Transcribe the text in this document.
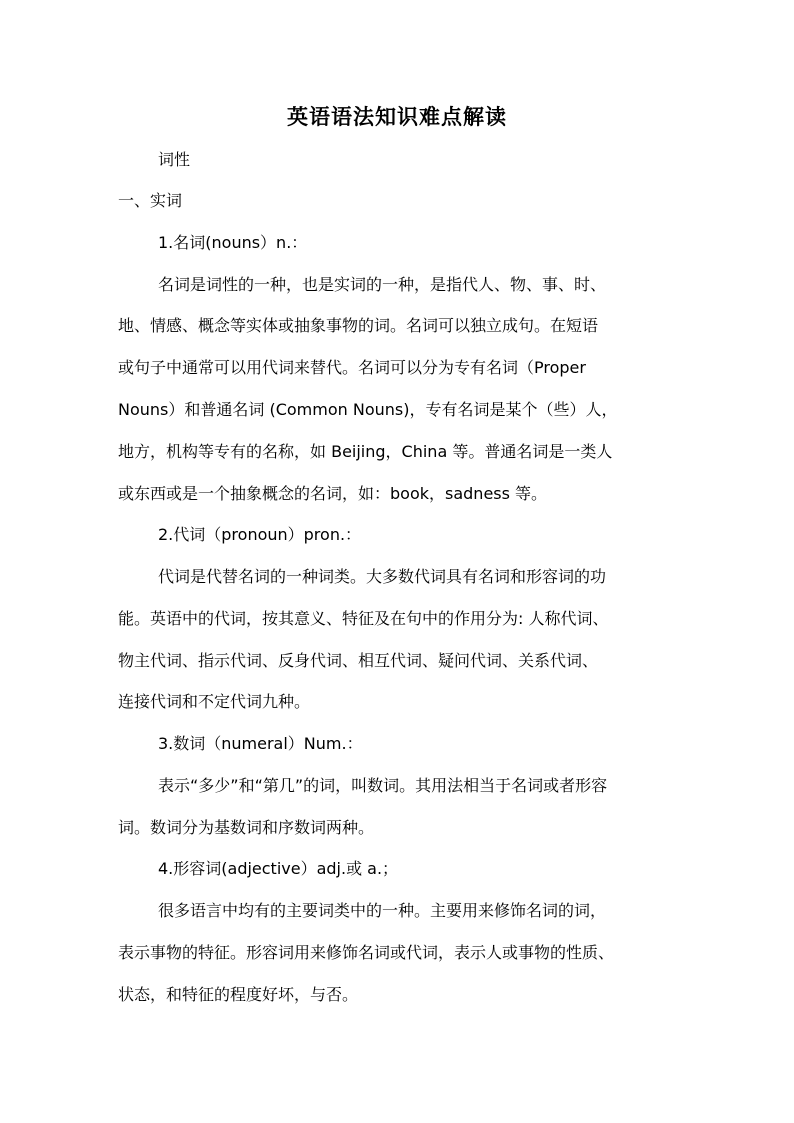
英语语法知识难点解读
词性
一、实词
1.名词(nouns）n.：
名词是词性的一种，也是实词的一种，是指代人、物、事、时、
地、情感、概念等实体或抽象事物的词。名词可以独立成句。在短语
或句子中通常可以用代词来替代。名词可以分为专有名词（Proper
Nouns）和普通名词 (Common Nouns)，专有名词是某个（些）人，
地方，机构等专有的名称，如 Beijing，China 等。普通名词是一类人
或东西或是一个抽象概念的名词，如：book，sadness 等。
2.代词（pronoun）pron.：
代词是代替名词的一种词类。大多数代词具有名词和形容词的功
能。英语中的代词，按其意义、特征及在句中的作用分为: 人称代词、
物主代词、指示代词、反身代词、相互代词、疑问代词、关系代词、
连接代词和不定代词九种。
3.数词（numeral）Num.：
表示“多少”和“第几”的词，叫数词。其用法相当于名词或者形容
词。数词分为基数词和序数词两种。
4.形容词(adjective）adj.或 a.；
很多语言中均有的主要词类中的一种。主要用来修饰名词的词，
表示事物的特征。形容词用来修饰名词或代词，表示人或事物的性质、
状态，和特征的程度好坏，与否。
